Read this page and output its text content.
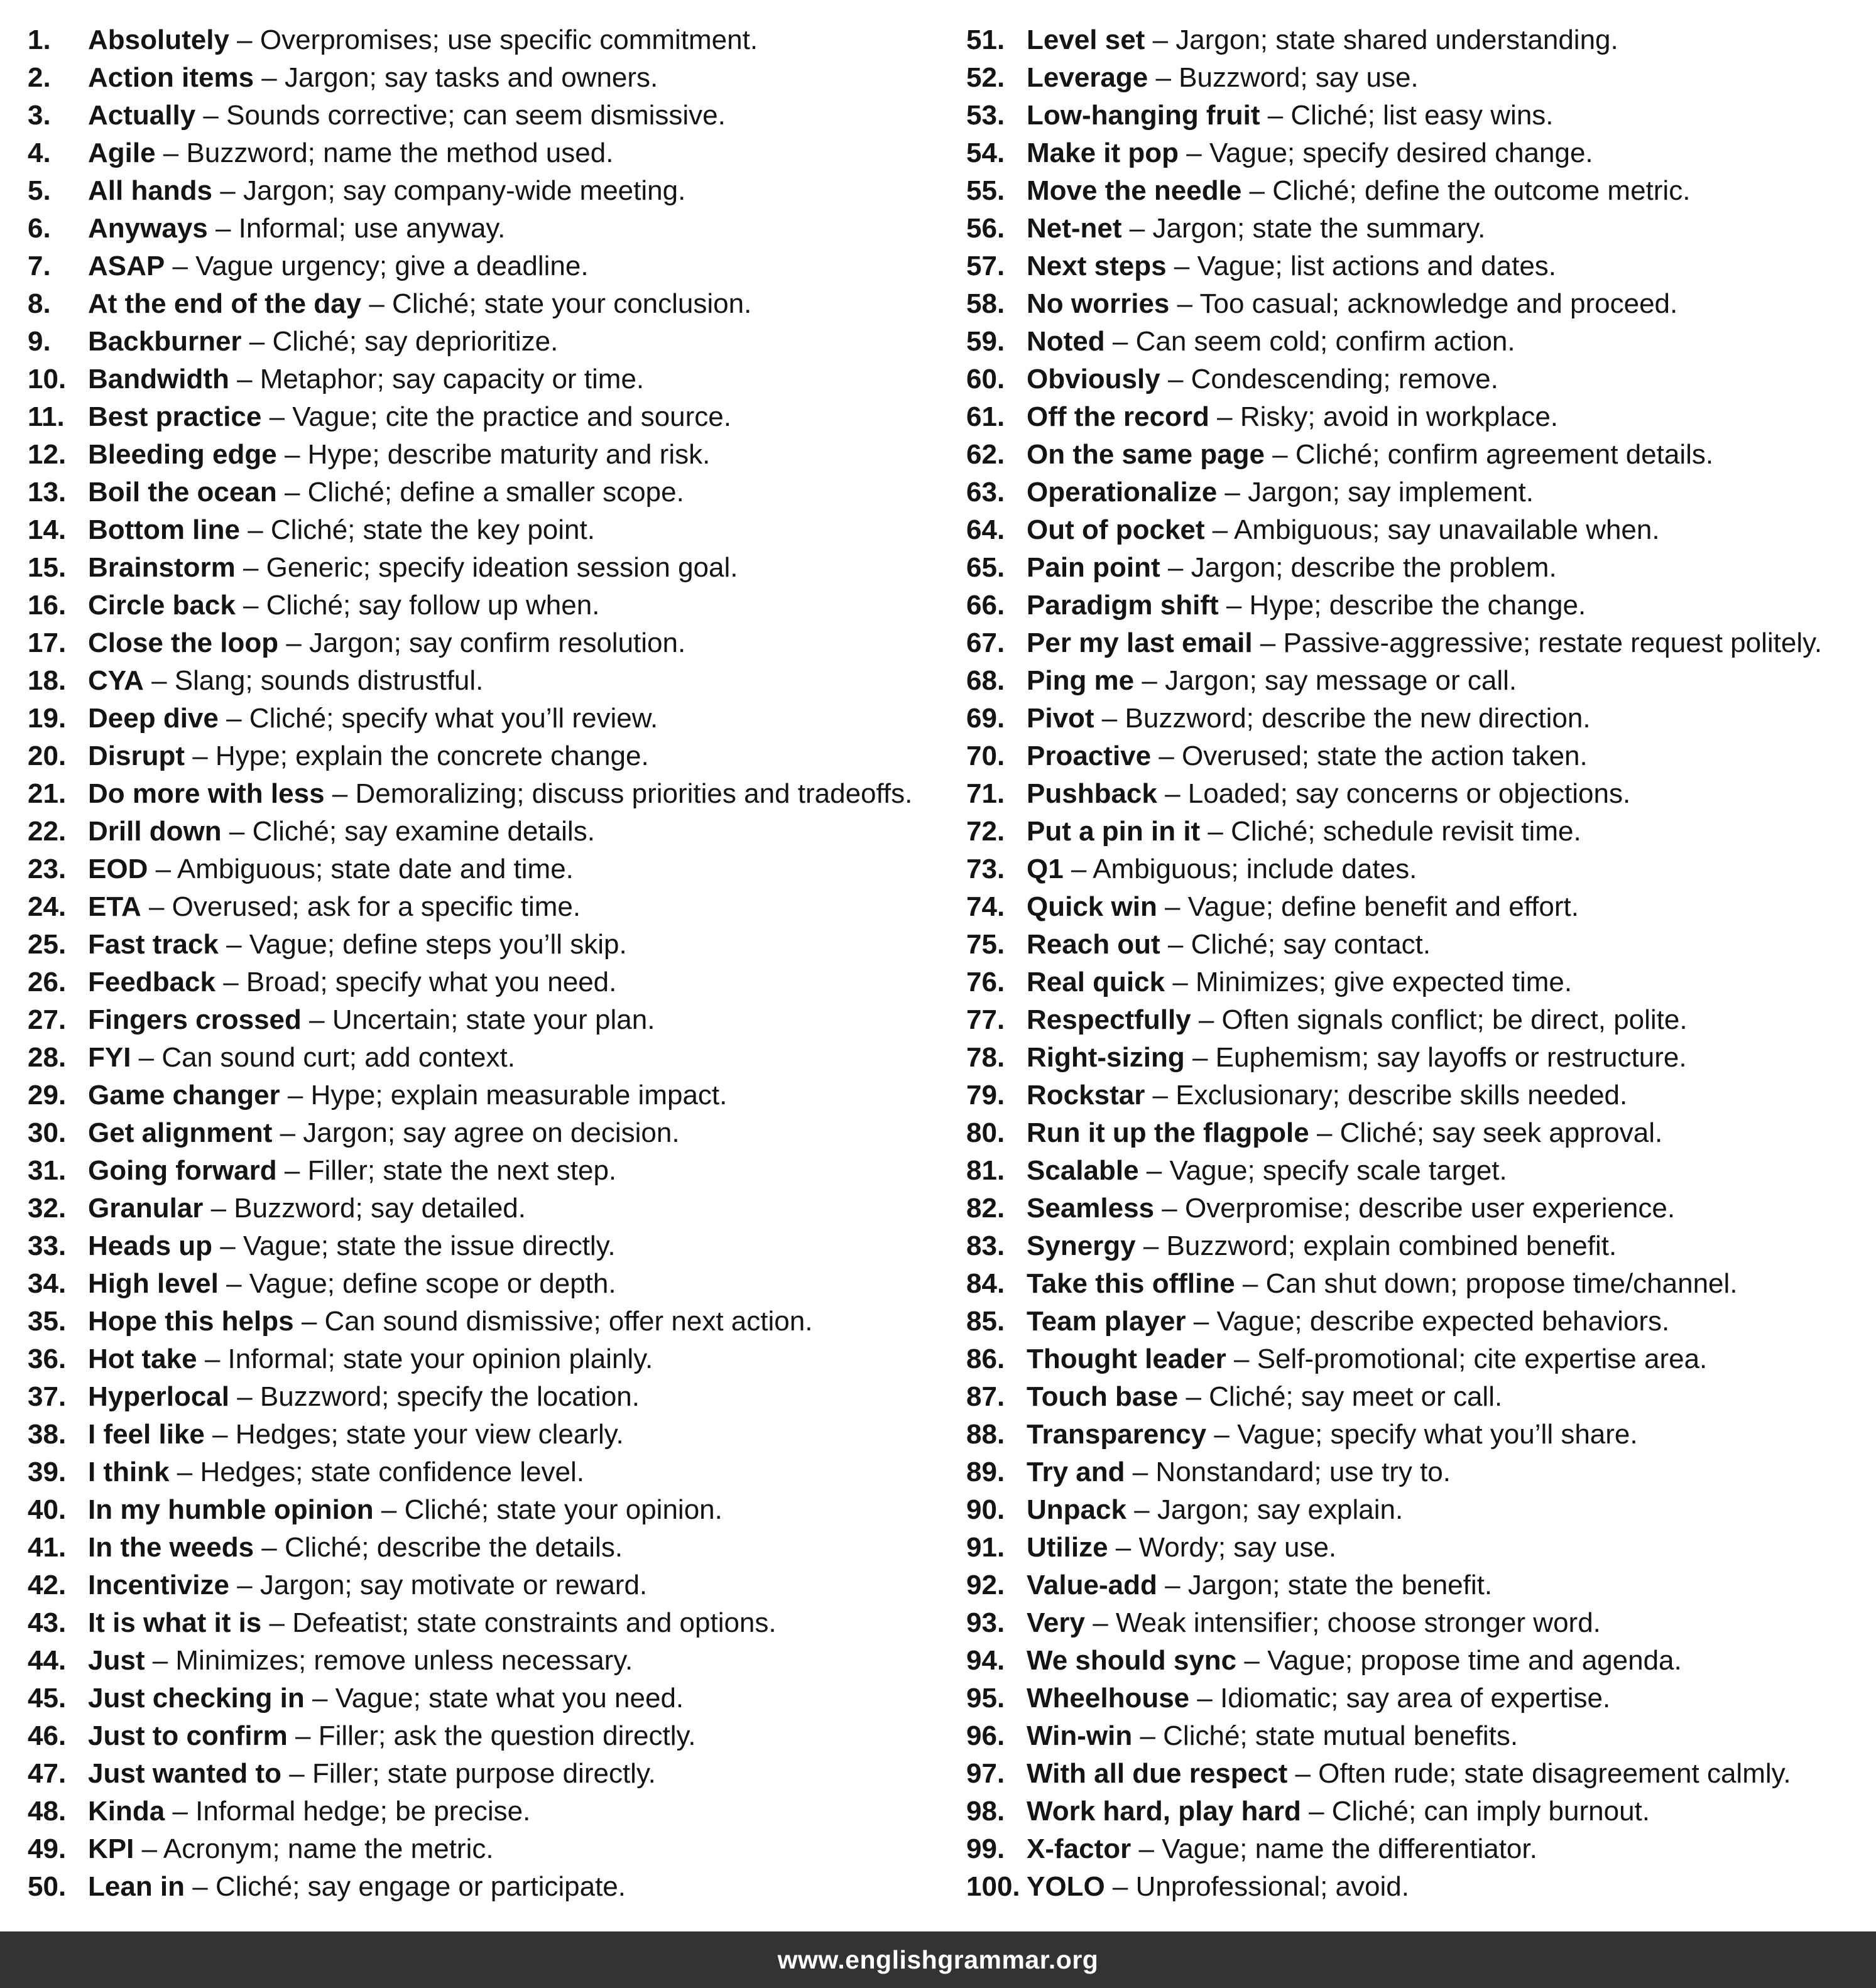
1. Absolutely – Overpromises; use specific commitment.
2. Action items – Jargon; say tasks and owners.
3. Actually – Sounds corrective; can seem dismissive.
4. Agile – Buzzword; name the method used.
5. All hands – Jargon; say company-wide meeting.
6. Anyways – Informal; use anyway.
7. ASAP – Vague urgency; give a deadline.
8. At the end of the day – Cliché; state your conclusion.
9. Backburner – Cliché; say deprioritize.
10. Bandwidth – Metaphor; say capacity or time.
11. Best practice – Vague; cite the practice and source.
12. Bleeding edge – Hype; describe maturity and risk.
13. Boil the ocean – Cliché; define a smaller scope.
14. Bottom line – Cliché; state the key point.
15. Brainstorm – Generic; specify ideation session goal.
16. Circle back – Cliché; say follow up when.
17. Close the loop – Jargon; say confirm resolution.
18. CYA – Slang; sounds distrustful.
19. Deep dive – Cliché; specify what you’ll review.
20. Disrupt – Hype; explain the concrete change.
21. Do more with less – Demoralizing; discuss priorities and tradeoffs.
22. Drill down – Cliché; say examine details.
23. EOD – Ambiguous; state date and time.
24. ETA – Overused; ask for a specific time.
25. Fast track – Vague; define steps you’ll skip.
26. Feedback – Broad; specify what you need.
27. Fingers crossed – Uncertain; state your plan.
28. FYI – Can sound curt; add context.
29. Game changer – Hype; explain measurable impact.
30. Get alignment – Jargon; say agree on decision.
31. Going forward – Filler; state the next step.
32. Granular – Buzzword; say detailed.
33. Heads up – Vague; state the issue directly.
34. High level – Vague; define scope or depth.
35. Hope this helps – Can sound dismissive; offer next action.
36. Hot take – Informal; state your opinion plainly.
37. Hyperlocal – Buzzword; specify the location.
38. I feel like – Hedges; state your view clearly.
39. I think – Hedges; state confidence level.
40. In my humble opinion – Cliché; state your opinion.
41. In the weeds – Cliché; describe the details.
42. Incentivize – Jargon; say motivate or reward.
43. It is what it is – Defeatist; state constraints and options.
44. Just – Minimizes; remove unless necessary.
45. Just checking in – Vague; state what you need.
46. Just to confirm – Filler; ask the question directly.
47. Just wanted to – Filler; state purpose directly.
48. Kinda – Informal hedge; be precise.
49. KPI – Acronym; name the metric.
50. Lean in – Cliché; say engage or participate.
51. Level set – Jargon; state shared understanding.
52. Leverage – Buzzword; say use.
53. Low-hanging fruit – Cliché; list easy wins.
54. Make it pop – Vague; specify desired change.
55. Move the needle – Cliché; define the outcome metric.
56. Net-net – Jargon; state the summary.
57. Next steps – Vague; list actions and dates.
58. No worries – Too casual; acknowledge and proceed.
59. Noted – Can seem cold; confirm action.
60. Obviously – Condescending; remove.
61. Off the record – Risky; avoid in workplace.
62. On the same page – Cliché; confirm agreement details.
63. Operationalize – Jargon; say implement.
64. Out of pocket – Ambiguous; say unavailable when.
65. Pain point – Jargon; describe the problem.
66. Paradigm shift – Hype; describe the change.
67. Per my last email – Passive-aggressive; restate request politely.
68. Ping me – Jargon; say message or call.
69. Pivot – Buzzword; describe the new direction.
70. Proactive – Overused; state the action taken.
71. Pushback – Loaded; say concerns or objections.
72. Put a pin in it – Cliché; schedule revisit time.
73. Q1 – Ambiguous; include dates.
74. Quick win – Vague; define benefit and effort.
75. Reach out – Cliché; say contact.
76. Real quick – Minimizes; give expected time.
77. Respectfully – Often signals conflict; be direct, polite.
78. Right-sizing – Euphemism; say layoffs or restructure.
79. Rockstar – Exclusionary; describe skills needed.
80. Run it up the flagpole – Cliché; say seek approval.
81. Scalable – Vague; specify scale target.
82. Seamless – Overpromise; describe user experience.
83. Synergy – Buzzword; explain combined benefit.
84. Take this offline – Can shut down; propose time/channel.
85. Team player – Vague; describe expected behaviors.
86. Thought leader – Self-promotional; cite expertise area.
87. Touch base – Cliché; say meet or call.
88. Transparency – Vague; specify what you’ll share.
89. Try and – Nonstandard; use try to.
90. Unpack – Jargon; say explain.
91. Utilize – Wordy; say use.
92. Value-add – Jargon; state the benefit.
93. Very – Weak intensifier; choose stronger word.
94. We should sync – Vague; propose time and agenda.
95. Wheelhouse – Idiomatic; say area of expertise.
96. Win-win – Cliché; state mutual benefits.
97. With all due respect – Often rude; state disagreement calmly.
98. Work hard, play hard – Cliché; can imply burnout.
99. X-factor – Vague; name the differentiator.
100. YOLO – Unprofessional; avoid.
www.englishgrammar.org
